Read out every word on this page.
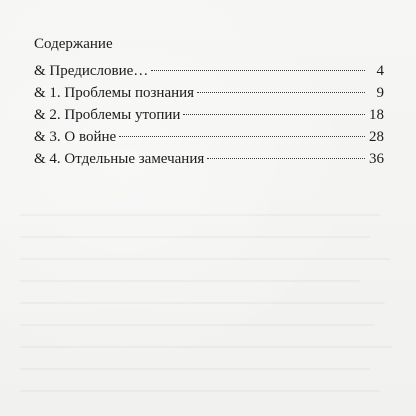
Содержание
& Предисловие…	4
& 1. Проблемы познания	9
& 2. Проблемы утопии	18
& 3. О войне	28
& 4. Отдельные замечания	36
